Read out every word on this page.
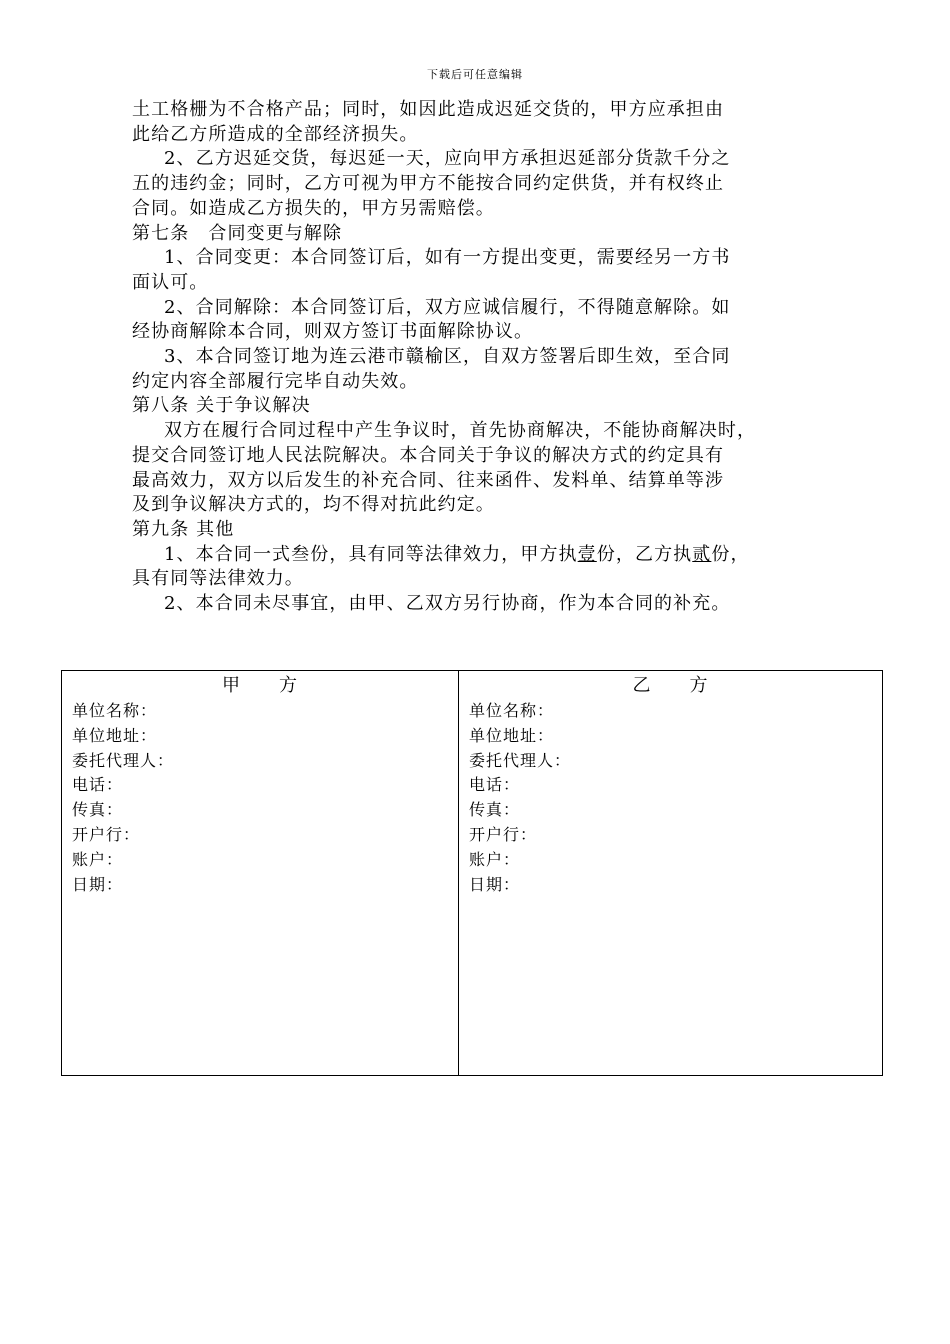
下载后可任意编辑

土工格栅为不合格产品；同时，如因此造成迟延交货的，甲方应承担由

此给乙方所造成的全部经济损失。

2、乙方迟延交货，每迟延一天，应向甲方承担迟延部分货款千分之

五的违约金；同时，乙方可视为甲方不能按合同约定供货，并有权终止

合同。如造成乙方损失的，甲方另需赔偿。

第七条　合同变更与解除

1、合同变更：本合同签订后，如有一方提出变更，需要经另一方书

面认可。

2、合同解除：本合同签订后，双方应诚信履行，不得随意解除。如

经协商解除本合同，则双方签订书面解除协议。

3、本合同签订地为连云港市赣榆区，自双方签署后即生效，至合同

约定内容全部履行完毕自动失效。

第八条 关于争议解决

双方在履行合同过程中产生争议时，首先协商解决，不能协商解决时，

提交合同签订地人民法院解决。本合同关于争议的解决方式的约定具有

最高效力，双方以后发生的补充合同、往来函件、发料单、结算单等涉

及到争议解决方式的，均不得对抗此约定。

第九条 其他

1、本合同一式叁份，具有同等法律效力，甲方执壹份，乙方执贰份，

具有同等法律效力。

2、本合同未尽事宜，由甲、乙双方另行协商，作为本合同的补充。

甲　　方
单位名称：
单位地址：
委托代理人：
电话：
传真：
开户行：
账户：
日期：
乙　　方
单位名称：
单位地址：
委托代理人：
电话：
传真：
开户行：
账户：
日期：
